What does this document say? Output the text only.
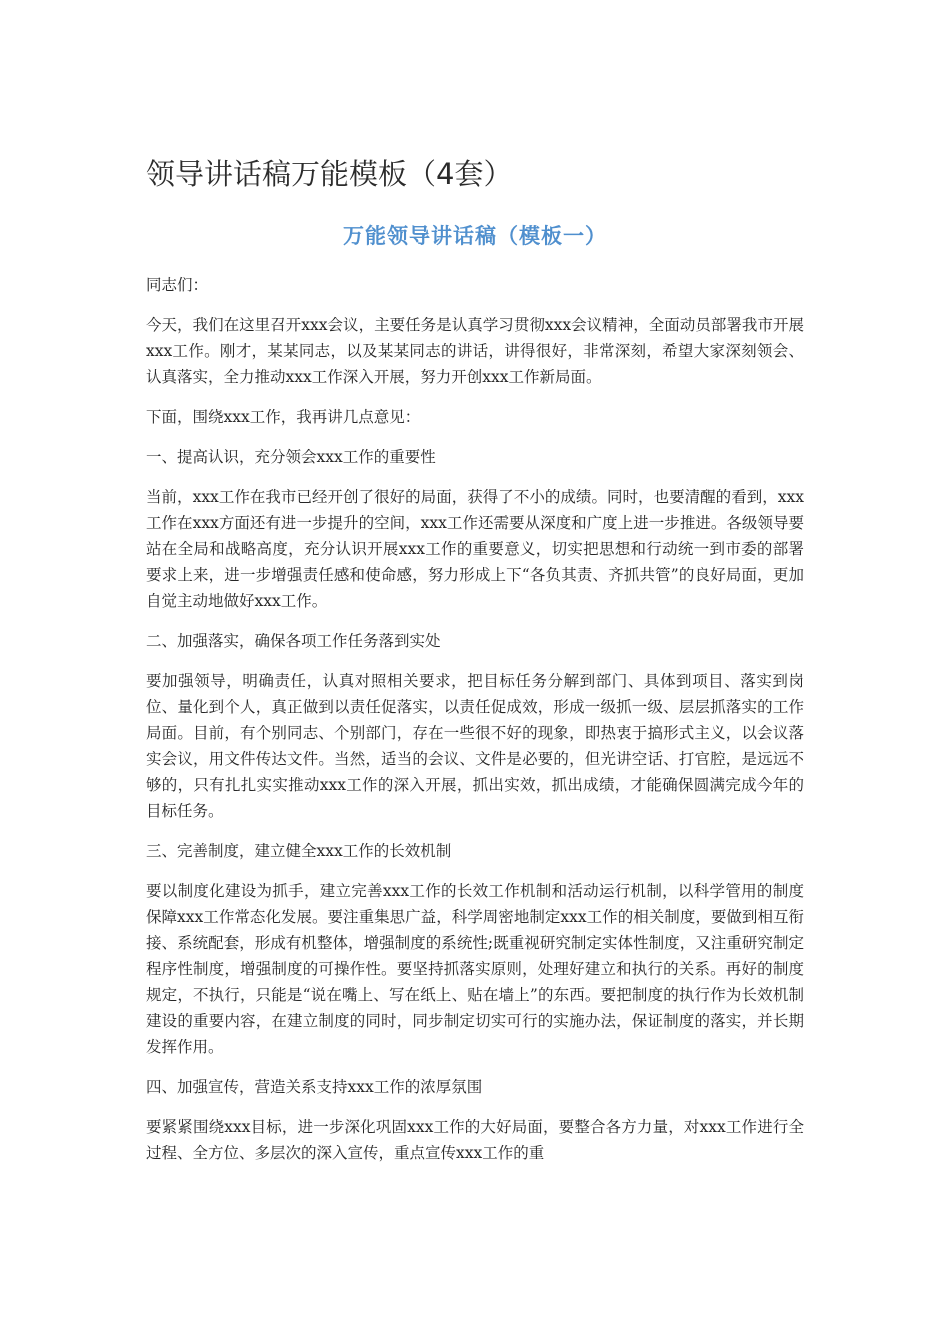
领导讲话稿万能模板（4套）
万能领导讲话稿（模板一）

同志们：

今天，我们在这里召开xxx会议，主要任务是认真学习贯彻xxx会议精神，全面动员部署我市开展xxx工作。刚才，某某同志，以及某某同志的讲话，讲得很好，非常深刻，希望大家深刻领会、认真落实，全力推动xxx工作深入开展，努力开创xxx工作新局面。

下面，围绕xxx工作，我再讲几点意见：

一、提高认识，充分领会xxx工作的重要性

当前，xxx工作在我市已经开创了很好的局面，获得了不小的成绩。同时，也要清醒的看到，xxx工作在xxx方面还有进一步提升的空间，xxx工作还需要从深度和广度上进一步推进。各级领导要站在全局和战略高度，充分认识开展xxx工作的重要意义，切实把思想和行动统一到市委的部署要求上来，进一步增强责任感和使命感，努力形成上下“各负其责、齐抓共管”的良好局面，更加自觉主动地做好xxx工作。

二、加强落实，确保各项工作任务落到实处

要加强领导，明确责任，认真对照相关要求，把目标任务分解到部门、具体到项目、落实到岗位、量化到个人，真正做到以责任促落实，以责任促成效，形成一级抓一级、层层抓落实的工作局面。目前，有个别同志、个别部门，存在一些很不好的现象，即热衷于搞形式主义，以会议落实会议，用文件传达文件。当然，适当的会议、文件是必要的，但光讲空话、打官腔，是远远不够的，只有扎扎实实推动xxx工作的深入开展，抓出实效，抓出成绩，才能确保圆满完成今年的目标任务。

三、完善制度，建立健全xxx工作的长效机制

要以制度化建设为抓手，建立完善xxx工作的长效工作机制和活动运行机制，以科学管用的制度保障xxx工作常态化发展。要注重集思广益，科学周密地制定xxx工作的相关制度，要做到相互衔接、系统配套，形成有机整体，增强制度的系统性;既重视研究制定实体性制度，又注重研究制定程序性制度，增强制度的可操作性。要坚持抓落实原则，处理好建立和执行的关系。再好的制度规定，不执行，只能是“说在嘴上、写在纸上、贴在墙上”的东西。要把制度的执行作为长效机制建设的重要内容，在建立制度的同时，同步制定切实可行的实施办法，保证制度的落实，并长期发挥作用。

四、加强宣传，营造关系支持xxx工作的浓厚氛围

要紧紧围绕xxx目标，进一步深化巩固xxx工作的大好局面，要整合各方力量，对xxx工作进行全过程、全方位、多层次的深入宣传，重点宣传xxx工作的重
